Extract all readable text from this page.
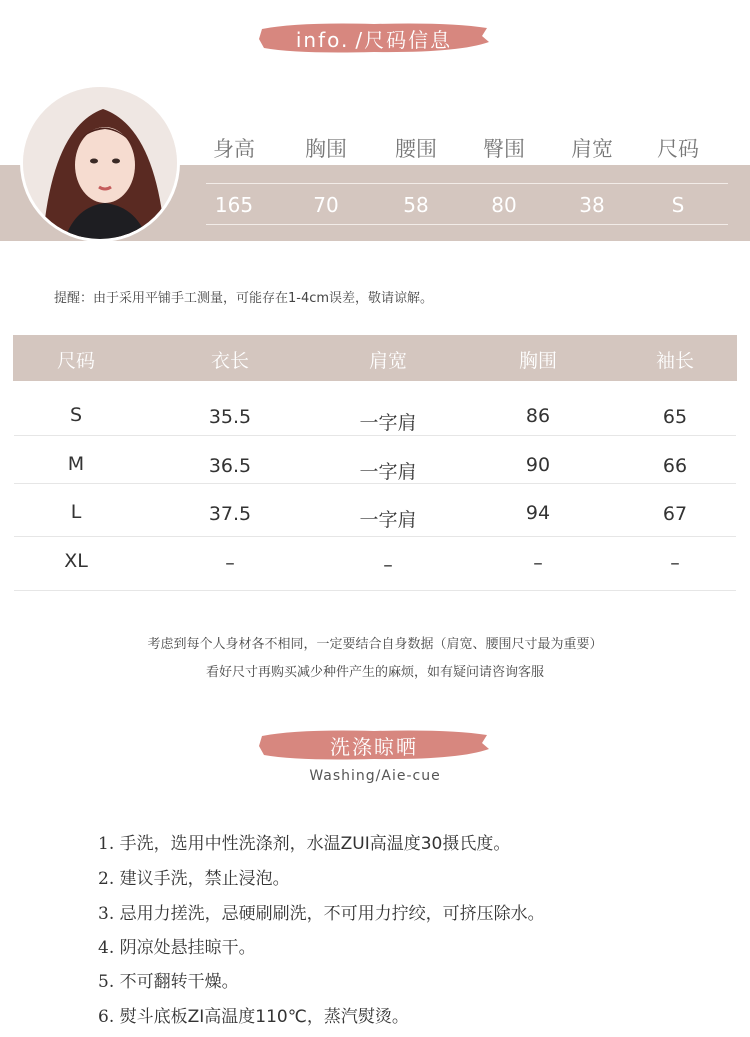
info. /尺码信息
身高	胸围	腰围	臀围	肩宽	尺码
165	70	58	80	38	S
提醒：由于采用平铺手工测量，可能存在1-4cm误差，敬请谅解。
尺码	衣长	肩宽	胸围	袖长
S	35.5	一字肩	86	65
M	36.5	一字肩	90	66
L	37.5	一字肩	94	67
XL	–	–	–	–
考虑到每个人身材各不相同，一定要结合自身数据（肩宽、腰围尺寸最为重要）
看好尺寸再购买减少种件产生的麻烦，如有疑问请咨询客服
洗涤晾晒
Washing/Aie-cue
1. 手洗，选用中性洗涤剂，水温ZUI高温度30摄氏度。
2. 建议手洗，禁止浸泡。
3. 忌用力搓洗，忌硬刷刷洗，不可用力拧绞，可挤压除水。
4. 阴凉处悬挂晾干。
5. 不可翻转干燥。
6. 熨斗底板ZI高温度110℃，蒸汽熨烫。
